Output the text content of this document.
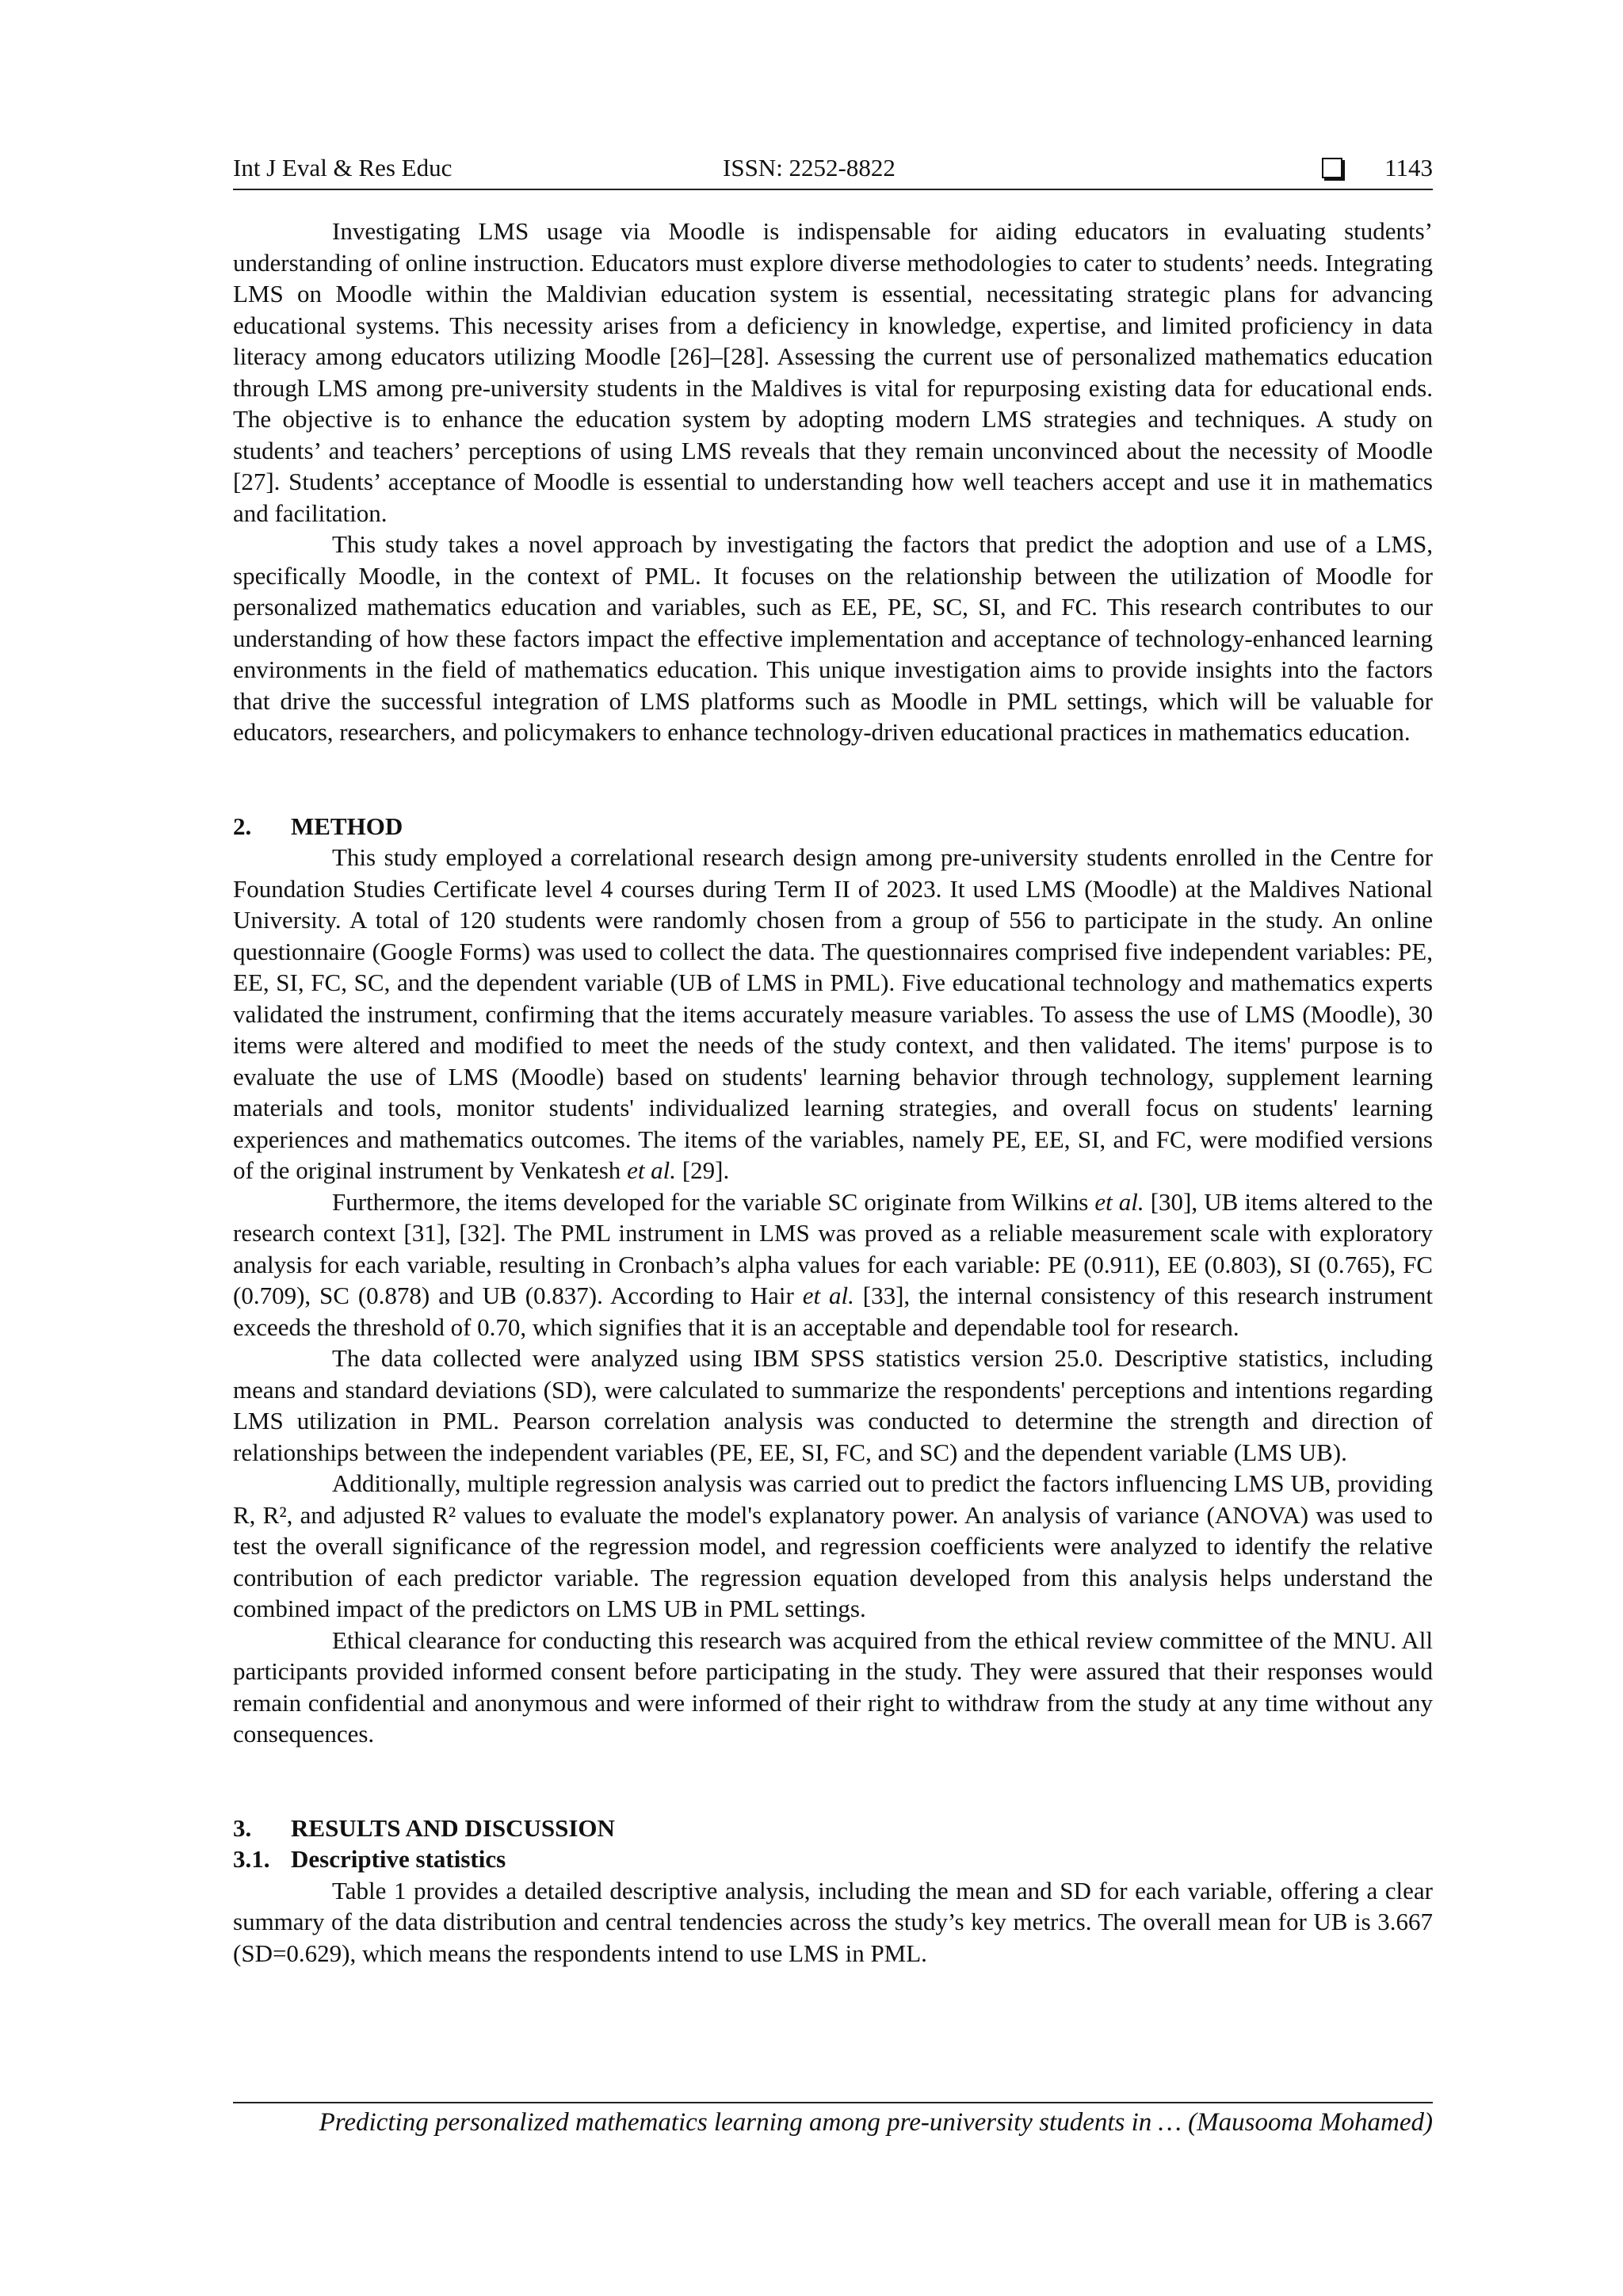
Int J Eval & Res Educ	ISSN: 2252-8822	1143

Investigating LMS usage via Moodle is indispensable for aiding educators in evaluating students’ understanding of online instruction. Educators must explore diverse methodologies to cater to students’ needs. Integrating LMS on Moodle within the Maldivian education system is essential, necessitating strategic plans for advancing educational systems. This necessity arises from a deficiency in knowledge, expertise, and limited proficiency in data literacy among educators utilizing Moodle [26]–[28]. Assessing the current use of personalized mathematics education through LMS among pre-university students in the Maldives is vital for repurposing existing data for educational ends. The objective is to enhance the education system by adopting modern LMS strategies and techniques. A study on students’ and teachers’ perceptions of using LMS reveals that they remain unconvinced about the necessity of Moodle [27]. Students’ acceptance of Moodle is essential to understanding how well teachers accept and use it in mathematics and facilitation.

This study takes a novel approach by investigating the factors that predict the adoption and use of a LMS, specifically Moodle, in the context of PML. It focuses on the relationship between the utilization of Moodle for personalized mathematics education and variables, such as EE, PE, SC, SI, and FC. This research contributes to our understanding of how these factors impact the effective implementation and acceptance of technology-enhanced learning environments in the field of mathematics education. This unique investigation aims to provide insights into the factors that drive the successful integration of LMS platforms such as Moodle in PML settings, which will be valuable for educators, researchers, and policymakers to enhance technology-driven educational practices in mathematics education.

2. METHOD

This study employed a correlational research design among pre-university students enrolled in the Centre for Foundation Studies Certificate level 4 courses during Term II of 2023. It used LMS (Moodle) at the Maldives National University. A total of 120 students were randomly chosen from a group of 556 to participate in the study. An online questionnaire (Google Forms) was used to collect the data. The questionnaires comprised five independent variables: PE, EE, SI, FC, SC, and the dependent variable (UB of LMS in PML). Five educational technology and mathematics experts validated the instrument, confirming that the items accurately measure variables. To assess the use of LMS (Moodle), 30 items were altered and modified to meet the needs of the study context, and then validated. The items' purpose is to evaluate the use of LMS (Moodle) based on students' learning behavior through technology, supplement learning materials and tools, monitor students' individualized learning strategies, and overall focus on students' learning experiences and mathematics outcomes. The items of the variables, namely PE, EE, SI, and FC, were modified versions of the original instrument by Venkatesh et al. [29].

Furthermore, the items developed for the variable SC originate from Wilkins et al. [30], UB items altered to the research context [31], [32]. The PML instrument in LMS was proved as a reliable measurement scale with exploratory analysis for each variable, resulting in Cronbach’s alpha values for each variable: PE (0.911), EE (0.803), SI (0.765), FC (0.709), SC (0.878) and UB (0.837). According to Hair et al. [33], the internal consistency of this research instrument exceeds the threshold of 0.70, which signifies that it is an acceptable and dependable tool for research.

The data collected were analyzed using IBM SPSS statistics version 25.0. Descriptive statistics, including means and standard deviations (SD), were calculated to summarize the respondents' perceptions and intentions regarding LMS utilization in PML. Pearson correlation analysis was conducted to determine the strength and direction of relationships between the independent variables (PE, EE, SI, FC, and SC) and the dependent variable (LMS UB).

Additionally, multiple regression analysis was carried out to predict the factors influencing LMS UB, providing R, R², and adjusted R² values to evaluate the model's explanatory power. An analysis of variance (ANOVA) was used to test the overall significance of the regression model, and regression coefficients were analyzed to identify the relative contribution of each predictor variable. The regression equation developed from this analysis helps understand the combined impact of the predictors on LMS UB in PML settings.

Ethical clearance for conducting this research was acquired from the ethical review committee of the MNU. All participants provided informed consent before participating in the study. They were assured that their responses would remain confidential and anonymous and were informed of their right to withdraw from the study at any time without any consequences.

3. RESULTS AND DISCUSSION
3.1. Descriptive statistics

Table 1 provides a detailed descriptive analysis, including the mean and SD for each variable, offering a clear summary of the data distribution and central tendencies across the study’s key metrics. The overall mean for UB is 3.667 (SD=0.629), which means the respondents intend to use LMS in PML.

Predicting personalized mathematics learning among pre-university students in … (Mausooma Mohamed)
